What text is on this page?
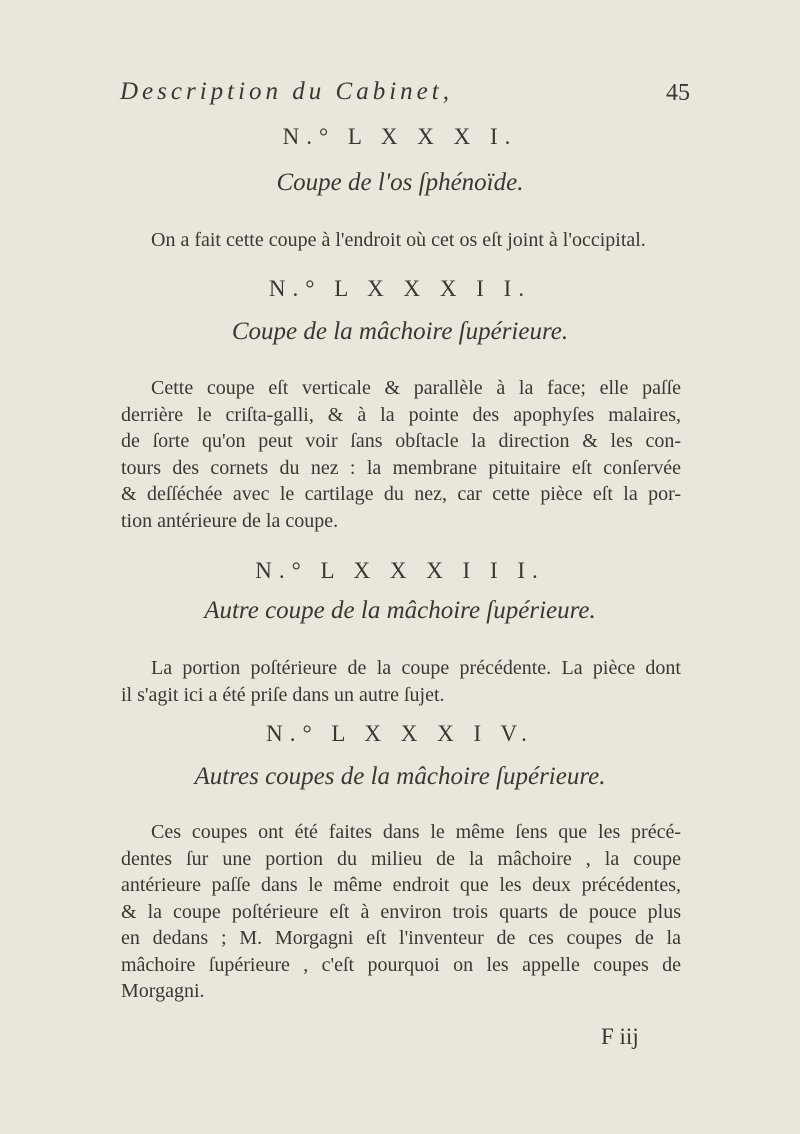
Description du Cabinet,	45
N.° L X X X I.
Coupe de l'os ſphénoïde.

On a fait cette coupe à l'endroit où cet os eſt joint à l'occipital.

N.° L X X X I I.
Coupe de la mâchoire ſupérieure.

Cette coupe eſt verticale & parallèle à la face; elle paſſe
derrière le criſta-galli, & à la pointe des apophyſes malaires,
de ſorte qu'on peut voir ſans obſtacle la direction & les con-
tours des cornets du nez : la membrane pituitaire eſt conſervée
& deſſéchée avec le cartilage du nez, car cette pièce eſt la por-
tion antérieure de la coupe.

N.° L X X X I I I.
Autre coupe de la mâchoire ſupérieure.

La portion poſtérieure de la coupe précédente. La pièce dont
il s'agit ici a été priſe dans un autre ſujet.

N.° L X X X I V.
Autres coupes de la mâchoire ſupérieure.

Ces coupes ont été faites dans le même ſens que les précé-
dentes ſur une portion du milieu de la mâchoire , la coupe
antérieure paſſe dans le même endroit que les deux précédentes,
& la coupe poſtérieure eſt à environ trois quarts de pouce plus
en dedans ; M. Morgagni eſt l'inventeur de ces coupes de la
mâchoire ſupérieure , c'eſt pourquoi on les appelle coupes de
Morgagni.

F iij
